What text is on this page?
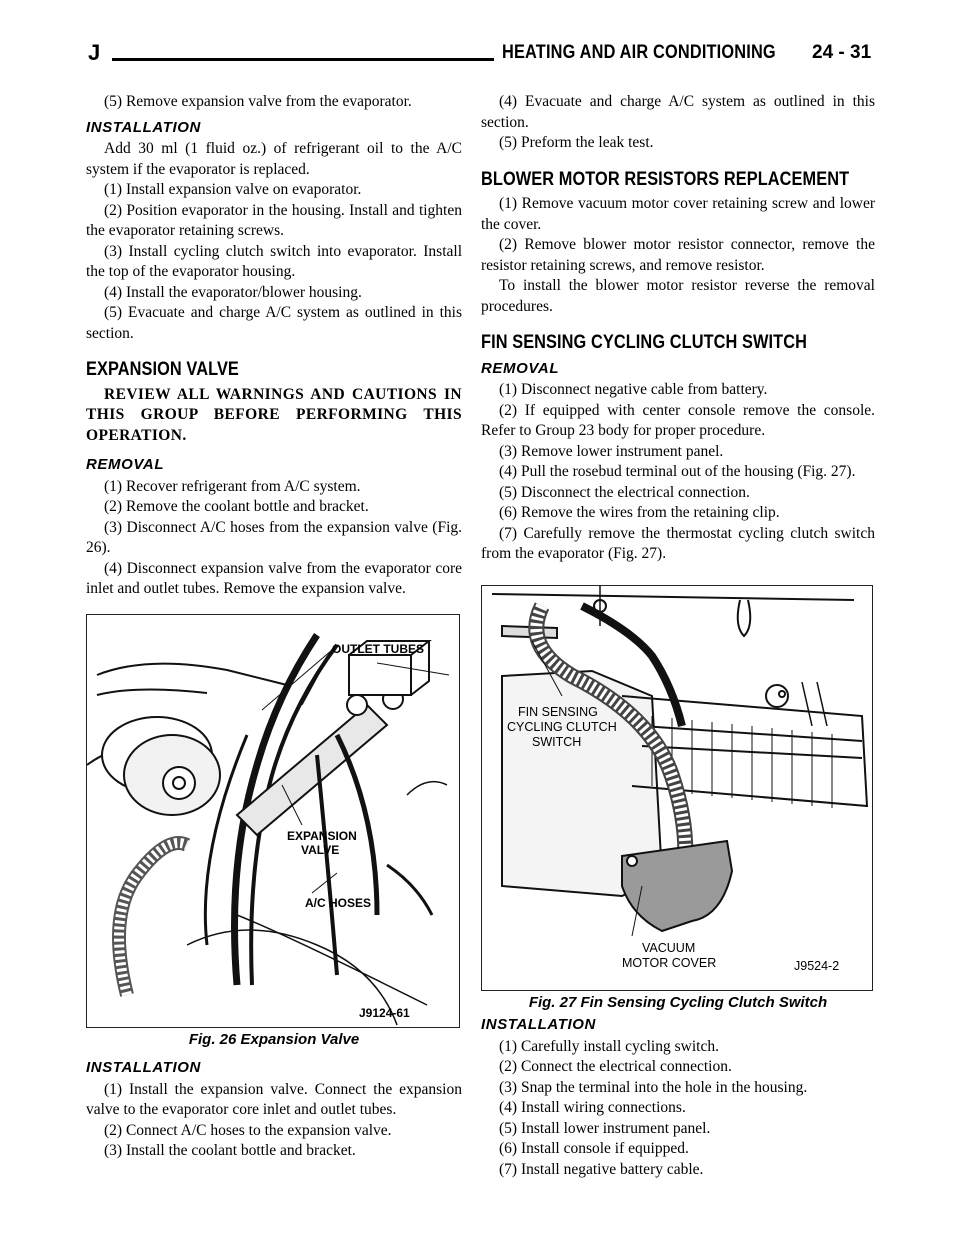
J	HEATING AND AIR CONDITIONING 24 - 31

(5) Remove expansion valve from the evaporator.

INSTALLATION

Add 30 ml (1 fluid oz.) of refrigerant oil to the A/C system if the evaporator is replaced.

(1) Install expansion valve on evaporator.

(2) Position evaporator in the housing. Install and tighten the evaporator retaining screws.

(3) Install cycling clutch switch into evaporator. Install the top of the evaporator housing.

(4) Install the evaporator/blower housing.

(5) Evacuate and charge A/C system as outlined in this section.

EXPANSION VALVE

REVIEW ALL WARNINGS AND CAUTIONS IN THIS GROUP BEFORE PERFORMING THIS OPERATION.

REMOVAL

(1) Recover refrigerant from A/C system.

(2) Remove the coolant bottle and bracket.

(3) Disconnect A/C hoses from the expansion valve (Fig. 26).

(4) Disconnect expansion valve from the evaporator core inlet and outlet tubes. Remove the expansion valve.

OUTLET TUBES
EXPANSION
VALVE
A/C HOSES
J9124-61
Fig. 26 Expansion Valve
INSTALLATION

(1) Install the expansion valve. Connect the expansion valve to the evaporator core inlet and outlet tubes.

(2) Connect A/C hoses to the expansion valve.

(3) Install the coolant bottle and bracket.

(4) Evacuate and charge A/C system as outlined in this section.

(5) Preform the leak test.

BLOWER MOTOR RESISTORS REPLACEMENT

(1) Remove vacuum motor cover retaining screw and lower the cover.

(2) Remove blower motor resistor connector, remove the resistor retaining screws, and remove resistor.

To install the blower motor resistor reverse the removal procedures.

FIN SENSING CYCLING CLUTCH SWITCH
REMOVAL

(1) Disconnect negative cable from battery.

(2) If equipped with center console remove the console. Refer to Group 23 body for proper procedure.

(3) Remove lower instrument panel.

(4) Pull the rosebud terminal out of the housing (Fig. 27).

(5) Disconnect the electrical connection.

(6) Remove the wires from the retaining clip.

(7) Carefully remove the thermostat cycling clutch switch from the evaporator (Fig. 27).

FIN SENSING
CYCLING CLUTCH
SWITCH
VACUUM
MOTOR COVER	J9524-2
Fig. 27 Fin Sensing Cycling Clutch Switch
INSTALLATION

(1) Carefully install cycling switch.

(2) Connect the electrical connection.

(3) Snap the terminal into the hole in the housing.

(4) Install wiring connections.

(5) Install lower instrument panel.

(6) Install console if equipped.

(7) Install negative battery cable.
